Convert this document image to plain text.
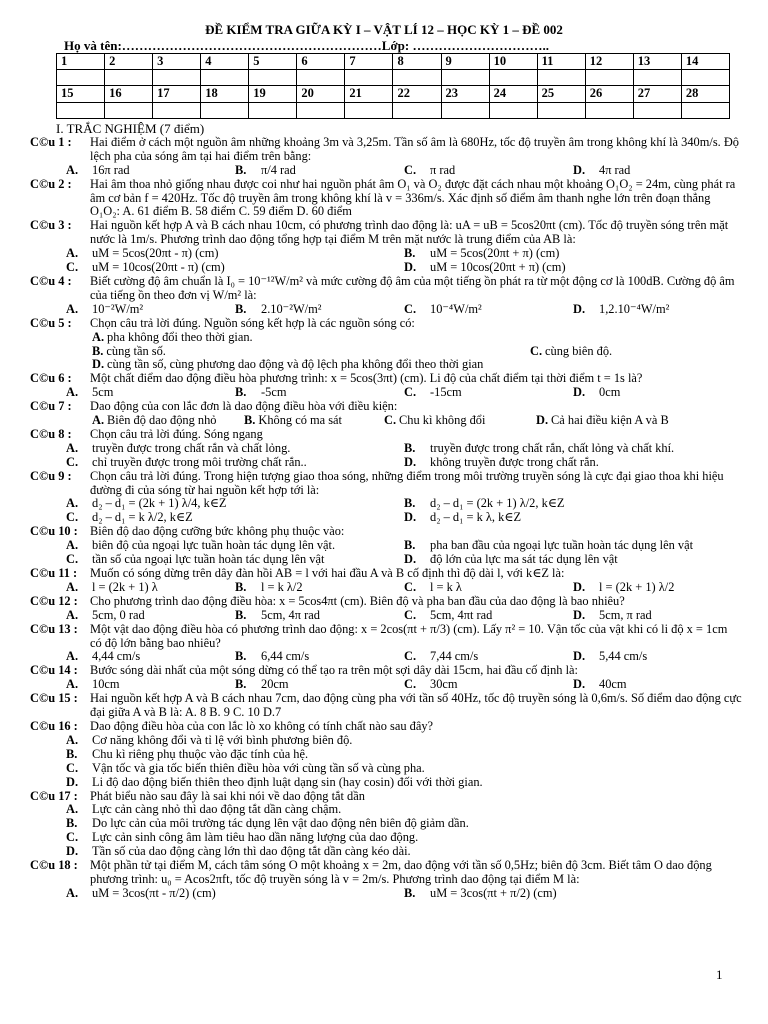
ĐỀ KIỂM TRA GIỮA KỲ I – VẬT LÍ 12 – HỌC KỲ 1 – ĐỀ 002
Họ và tên:……………………………………………………Lớp: …………………………..
1	2	3	4	5	6	7	8	9	10	11	12	13	14

15	16	17	18	19	20	21	22	23	24	25	26	27	28

I. TRẮC NGHIỆM (7 điểm)
C©u 1 :	Hai điểm ở cách một nguồn âm những khoảng 3m và 3,25m. Tần số âm là 680Hz, tốc độ truyền âm trong không khí là 340m/s. Độ lệch pha của sóng âm tại hai điểm trên bằng:
A. 16π rad	B. π/4 rad	C. π rad	D. 4π rad
C©u 2 :	Hai âm thoa nhỏ giống nhau được coi như hai nguồn phát âm O₁ và O₂ được đặt cách nhau một khoảng O₁O₂ = 24m, cùng phát ra âm cơ bản f = 420Hz. Tốc độ truyền âm trong không khí là v = 336m/s. Xác định số điểm âm thanh nghe lớn trên đoạn thẳng O₁O₂: A. 61 điểm B. 58 điểm C. 59 điểm D. 60 điểm
C©u 3 :	Hai nguồn kết hợp A và B cách nhau 10cm, có phương trình dao động là: uA = uB = 5cos20πt (cm). Tốc độ truyền sóng trên mặt nước là 1m/s. Phương trình dao động tổng hợp tại điểm M trên mặt nước là trung điểm của AB là:
A. uM = 5cos(20πt - π) (cm)	B. uM = 5cos(20πt + π) (cm)
C. uM = 10cos(20πt - π) (cm)	D. uM = 10cos(20πt + π) (cm)
C©u 4 :	Biết cường độ âm chuẩn là I₀ = 10⁻¹²W/m² và mức cường độ âm của một tiếng ồn phát ra từ một động cơ là 100dB. Cường độ âm của tiếng ồn theo đơn vị W/m² là:
A. 10⁻²W/m²	B. 2.10⁻²W/m²	C. 10⁻⁴W/m²	D. 1,2.10⁻⁴W/m²
C©u 5 :	Chọn câu trả lời đúng. Nguồn sóng kết hợp là các nguồn sóng có:
A. pha không đổi theo thời gian.
B. cùng tần số.	C. cùng biên độ.
D. cùng tần số, cùng phương dao động và độ lệch pha không đổi theo thời gian
C©u 6 :	Một chất điểm dao động điều hòa phương trình: x = 5cos(3πt) (cm). Li độ của chất điểm tại thời điểm t = 1s là?
A. 5cm	B. -5cm	C. -15cm	D. 0cm
C©u 7 :	Dao động của con lắc đơn là dao động điều hòa với điều kiện:
A. Biên độ dao động nhỏ	B. Không có ma sát	C. Chu kì không đổi	D. Cả hai điều kiện A và B
C©u 8 :	Chọn câu trả lời đúng. Sóng ngang
A. truyền được trong chất rắn và chất lỏng.	B. truyền được trong chất rắn, chất lỏng và chất khí.
C. chỉ truyền được trong môi trường chất rắn..	D. không truyền được trong chất rắn.
C©u 9 :	Chọn câu trả lời đúng. Trong hiện tượng giao thoa sóng, những điểm trong môi trường truyền sóng là cực đại giao thoa khi hiệu đường đi của sóng từ hai nguồn kết hợp tới là:
A. d₂ – d₁ = (2k + 1) λ/4, k∈Z	B. d₂ – d₁ = (2k + 1) λ/2, k∈Z
C. d₂ – d₁ = k λ/2, k∈Z	D. d₂ – d₁ = k λ, k∈Z
C©u 10 : Biên độ dao động cưỡng bức không phụ thuộc vào:
A. biên độ của ngoại lực tuần hoàn tác dụng lên vật.	B. pha ban đầu của ngoại lực tuần hoàn tác dụng lên vật
C. tần số của ngoại lực tuần hoàn tác dụng lên vật	D. độ lớn của lực ma sát tác dụng lên vật
C©u 11 :	Muốn có sóng dừng trên dây đàn hồi AB = l với hai đầu A và B cố định thì độ dài l, với k∈Z là:
A. l = (2k + 1) λ	B. l = k λ/2	C. l = k λ	D. l = (2k + 1) λ/2
C©u 12 : Cho phương trình dao động điều hòa: x = 5cos4πt (cm). Biên độ và pha ban đầu của dao động là bao nhiêu?
A. 5cm, 0 rad	B. 5cm, 4π rad	C. 5cm, 4πt rad	D. 5cm, π rad
C©u 13 : Một vật dao động điều hòa có phương trình dao động: x = 2cos(πt + π/3) (cm). Lấy π² = 10. Vận tốc của vật khi có li độ x = 1cm có độ lớn bằng bao nhiêu?
A. 4,44 cm/s	B. 6,44 cm/s	C. 7,44 cm/s	D. 5,44 cm/s
C©u 14 : Bước sóng dài nhất của một sóng dừng có thể tạo ra trên một sợi dây dài 15cm, hai đầu cố định là:
A. 10cm	B. 20cm	C. 30cm	D. 40cm
C©u 15 : Hai nguồn kết hợp A và B cách nhau 7cm, dao động cùng pha với tần số 40Hz, tốc độ truyền sóng là 0,6m/s. Số điểm dao động cực đại giữa A và B là: A. 8 B. 9 C. 10 D.7
C©u 16 : Dao động điều hòa của con lắc lò xo không có tính chất nào sau đây?
A. Cơ năng không đổi và tỉ lệ với bình phương biên độ.
B. Chu kì riêng phụ thuộc vào đặc tính của hệ.
C. Vận tốc và gia tốc biến thiên điều hòa với cùng tần số và cùng pha.
D. Li độ dao động biến thiên theo định luật dạng sin (hay cosin) đối với thời gian.
C©u 17 : Phát biểu nào sau đây là sai khi nói về dao động tắt dần
A. Lực cản càng nhỏ thì dao động tắt dần càng chậm.
B. Do lực cản của môi trường tác dụng lên vật dao động nên biên độ giảm dần.
C. Lực cản sinh công âm làm tiêu hao dần năng lượng của dao động.
D. Tần số của dao động càng lớn thì dao động tắt dần càng kéo dài.
C©u 18 : Một phần tử tại điểm M, cách tâm sóng O một khoảng x = 2m, dao động với tần số 0,5Hz; biên độ 3cm. Biết tâm O dao động phương trình: u₀ = Acos2πft, tốc độ truyền sóng là v = 2m/s. Phương trình dao động tại điểm M là:
A. uM = 3cos(πt - π/2) (cm)	B. uM = 3cos(πt + π/2) (cm)
1
